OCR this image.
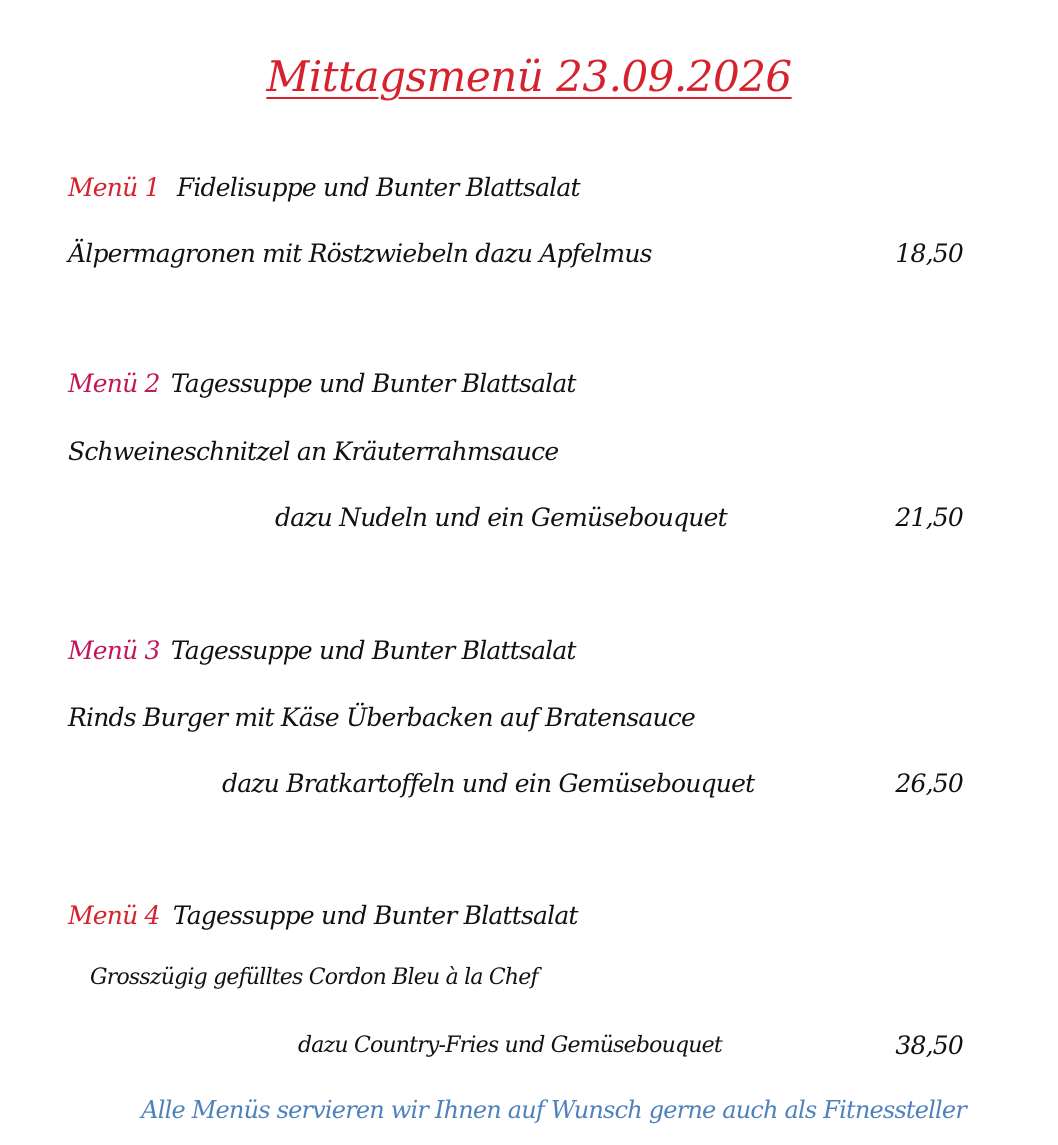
Mittagsmenü 23.09.2026
Menü 1 Fidelisuppe und Bunter Blattsalat
Älpermagronen mit Röstzwiebeln dazu Apfelmus	18,50
Menü 2 Tagessuppe und Bunter Blattsalat
Schweineschnitzel an Kräuterrahmsauce
dazu Nudeln und ein Gemüsebouquet	21,50
Menü 3 Tagessuppe und Bunter Blattsalat
Rinds Burger mit Käse Überbacken auf Bratensauce
dazu Bratkartoffeln und ein Gemüsebouquet	26,50
Menü 4 Tagessuppe und Bunter Blattsalat
Grosszügig gefülltes Cordon Bleu à la Chef
dazu Country-Fries und Gemüsebouquet	38,50
Alle Menüs servieren wir Ihnen auf Wunsch gerne auch als Fitnessteller
